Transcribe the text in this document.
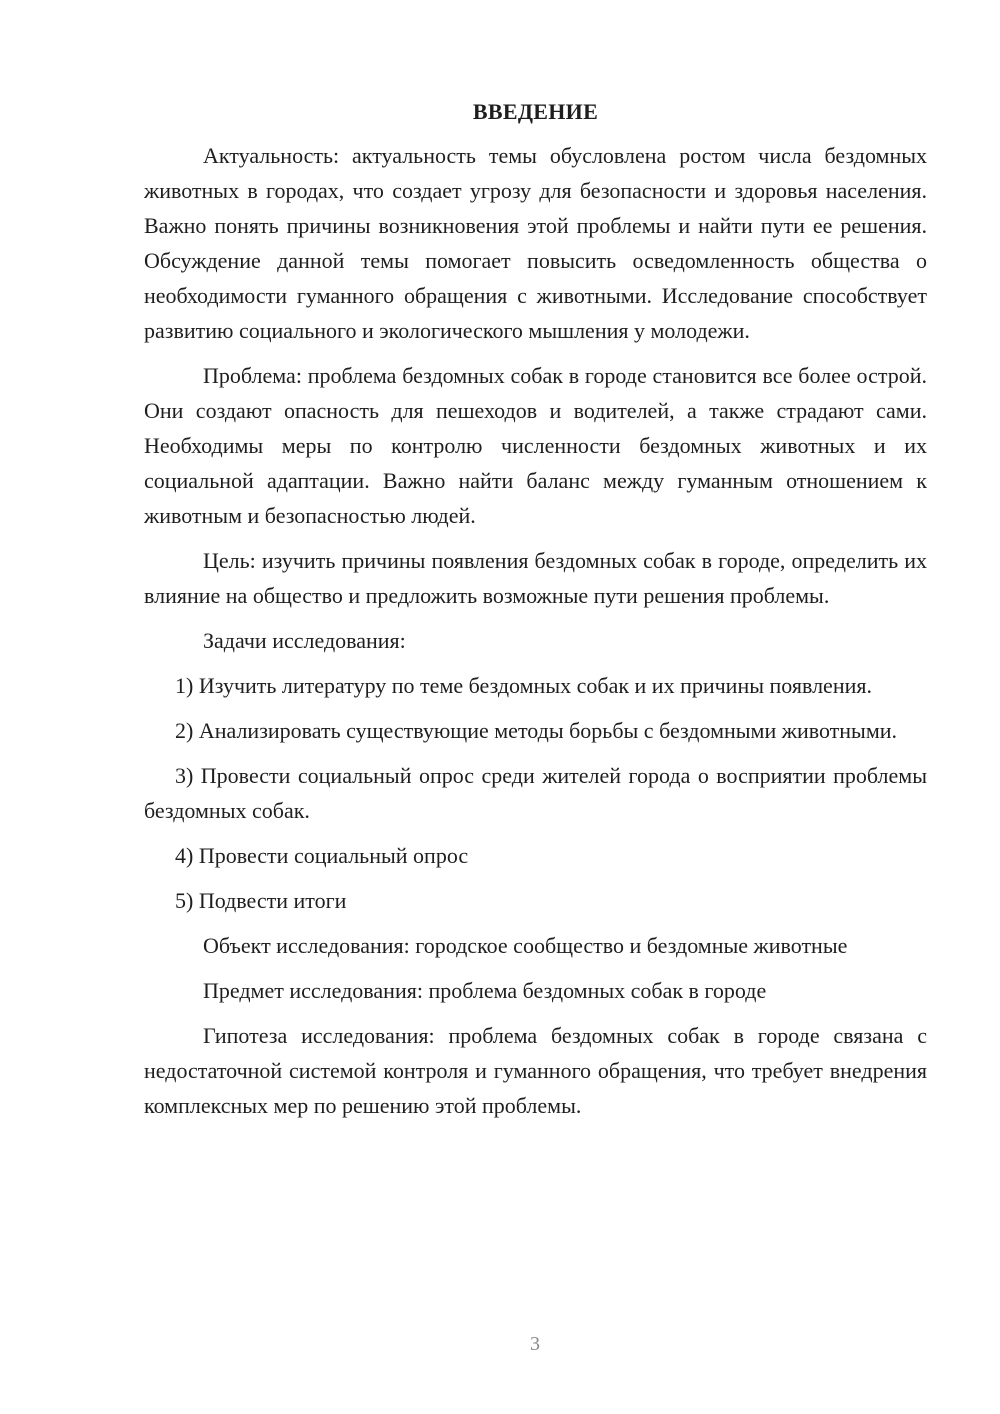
ВВЕДЕНИЕ

Актуальность: актуальность темы обусловлена ростом числа бездомных животных в городах, что создает угрозу для безопасности и здоровья населения. Важно понять причины возникновения этой проблемы и найти пути ее решения. Обсуждение данной темы помогает повысить осведомленность общества о необходимости гуманного обращения с животными. Исследование способствует развитию социального и экологического мышления у молодежи.

Проблема: проблема бездомных собак в городе становится все более острой. Они создают опасность для пешеходов и водителей, а также страдают сами. Необходимы меры по контролю численности бездомных животных и их социальной адаптации. Важно найти баланс между гуманным отношением к животным и безопасностью людей.

Цель: изучить причины появления бездомных собак в городе, определить их влияние на общество и предложить возможные пути решения проблемы.

Задачи исследования:

1) Изучить литературу по теме бездомных собак и их причины появления.

2) Анализировать существующие методы борьбы с бездомными животными.

3) Провести социальный опрос среди жителей города о восприятии проблемы бездомных собак.

4) Провести социальный опрос

5) Подвести итоги

Объект исследования: городское сообщество и бездомные животные

Предмет исследования: проблема бездомных собак в городе

Гипотеза исследования: проблема бездомных собак в городе связана с недостаточной системой контроля и гуманного обращения, что требует внедрения комплексных мер по решению этой проблемы.

3
